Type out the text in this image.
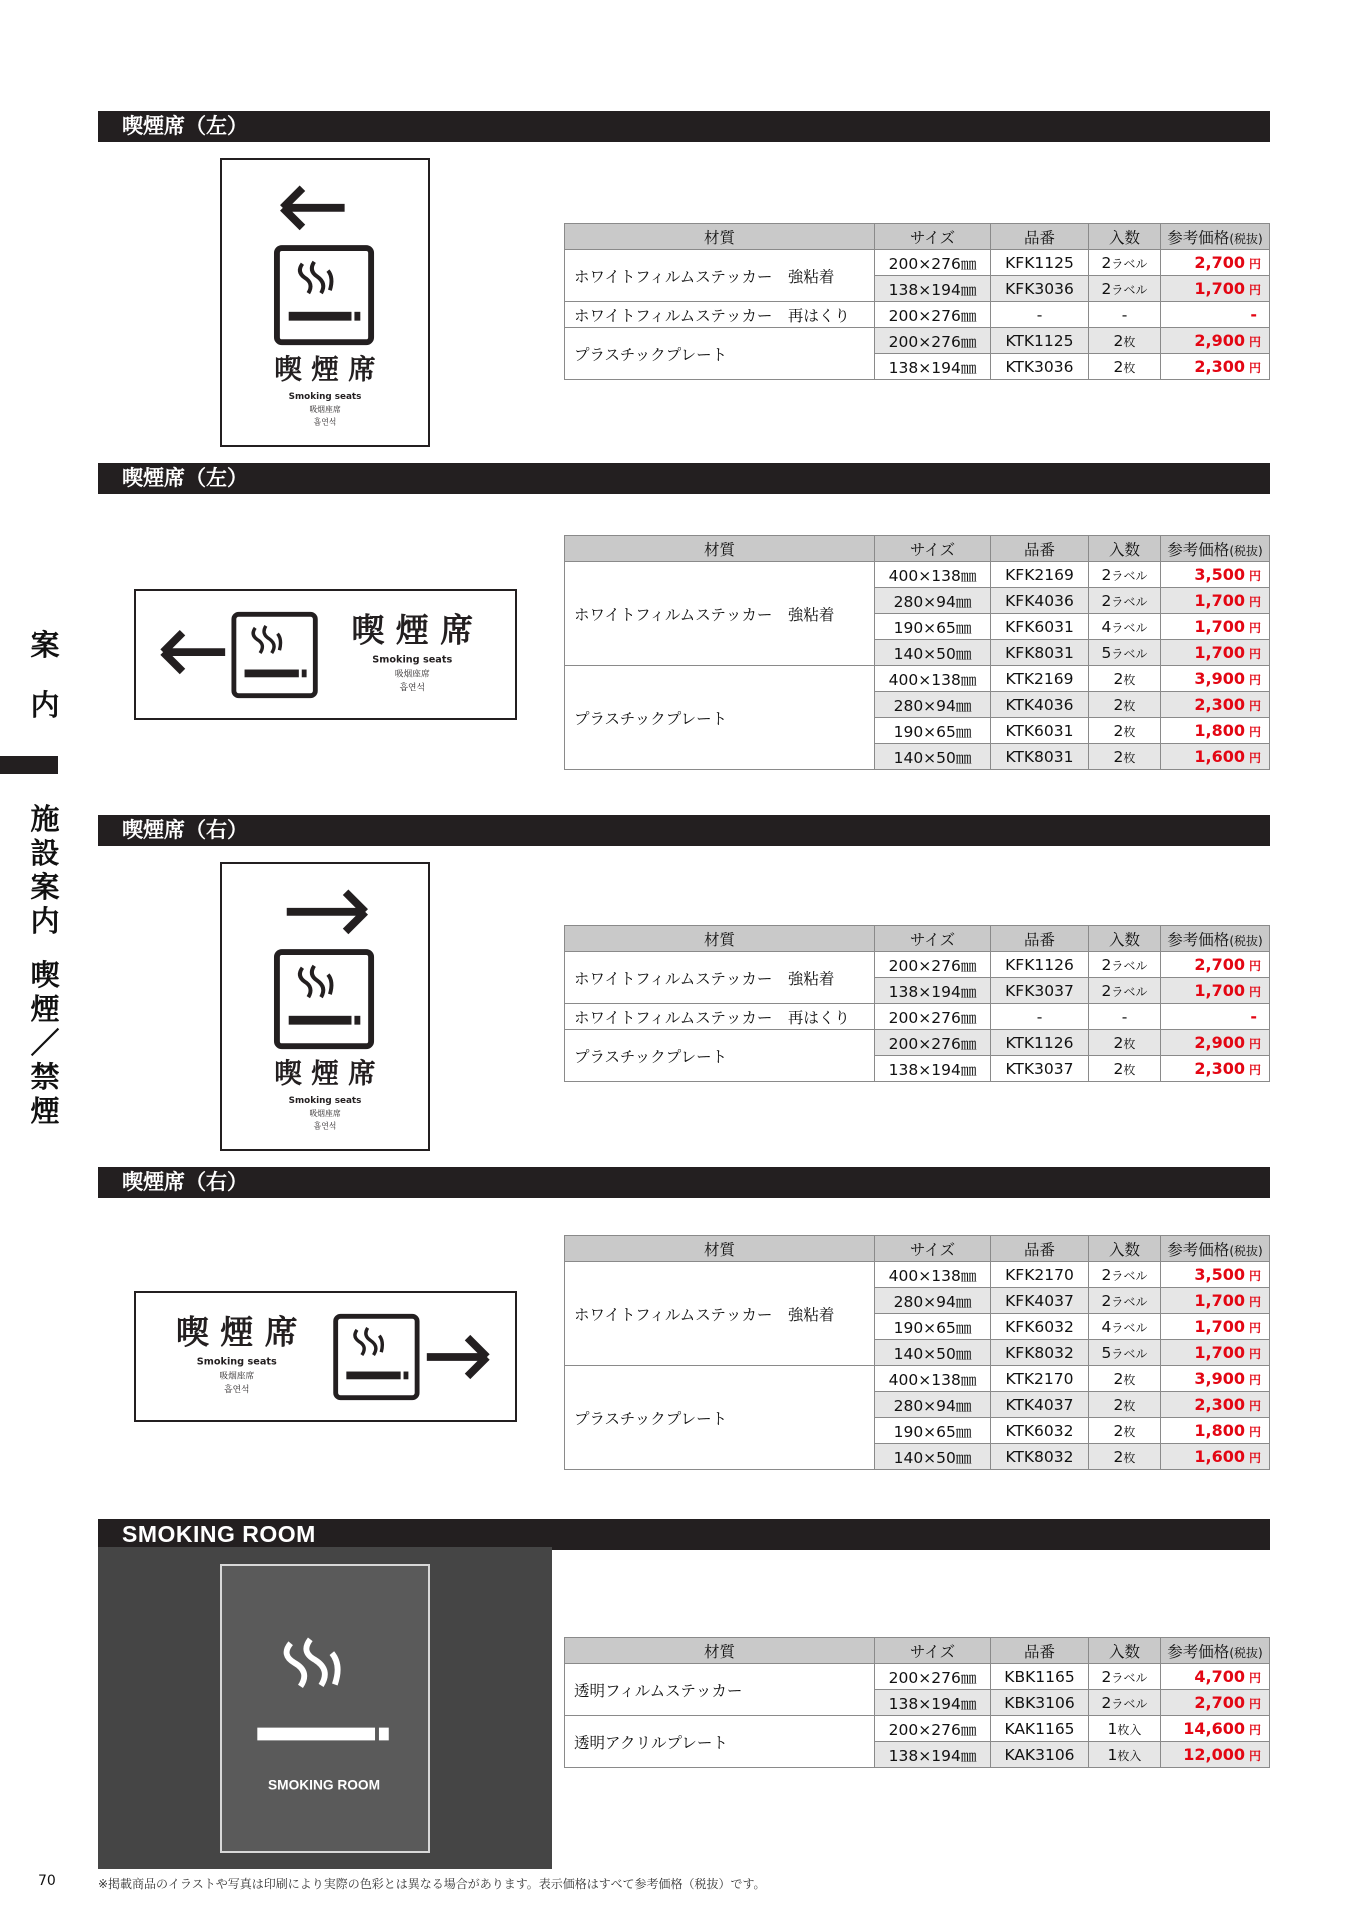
案
内
施
設
案
内
喫
煙
／
禁
煙
喫煙席（左）
喫煙席（左）
喫煙席（右）
喫煙席（右）
SMOKING ROOM
喫 煙 席
Smoking seats
吸烟座席
흡연석
喫 煙 席
Smoking seats
吸烟座席
흡연석
喫 煙 席
Smoking seats
吸烟座席
흡연석
喫 煙 席
Smoking seats
吸烟座席
흡연석
SMOKING ROOM
材質	サイズ	品番	入数	参考価格(税抜)
ホワイトフィルムステッカー　強粘着	200×276㎜	KFK1125	2ラベル	2,700 円
	138×194㎜	KFK3036	2ラベル	1,700 円
ホワイトフィルムステッカー　再はくり	200×276㎜	-	-	-
プラスチックプレート	200×276㎜	KTK1125	2枚	2,900 円
	138×194㎜	KTK3036	2枚	2,300 円
材質	サイズ	品番	入数	参考価格(税抜)
ホワイトフィルムステッカー　強粘着	400×138㎜	KFK2169	2ラベル	3,500 円
	280×94㎜	KFK4036	2ラベル	1,700 円
	190×65㎜	KFK6031	4ラベル	1,700 円
	140×50㎜	KFK8031	5ラベル	1,700 円
プラスチックプレート	400×138㎜	KTK2169	2枚	3,900 円
	280×94㎜	KTK4036	2枚	2,300 円
	190×65㎜	KTK6031	2枚	1,800 円
	140×50㎜	KTK8031	2枚	1,600 円
材質	サイズ	品番	入数	参考価格(税抜)
ホワイトフィルムステッカー　強粘着	200×276㎜	KFK1126	2ラベル	2,700 円
	138×194㎜	KFK3037	2ラベル	1,700 円
ホワイトフィルムステッカー　再はくり	200×276㎜	-	-	-
プラスチックプレート	200×276㎜	KTK1126	2枚	2,900 円
	138×194㎜	KTK3037	2枚	2,300 円
材質	サイズ	品番	入数	参考価格(税抜)
ホワイトフィルムステッカー　強粘着	400×138㎜	KFK2170	2ラベル	3,500 円
	280×94㎜	KFK4037	2ラベル	1,700 円
	190×65㎜	KFK6032	4ラベル	1,700 円
	140×50㎜	KFK8032	5ラベル	1,700 円
プラスチックプレート	400×138㎜	KTK2170	2枚	3,900 円
	280×94㎜	KTK4037	2枚	2,300 円
	190×65㎜	KTK6032	2枚	1,800 円
	140×50㎜	KTK8032	2枚	1,600 円
材質	サイズ	品番	入数	参考価格(税抜)
透明フィルムステッカー	200×276㎜	KBK1165	2ラベル	4,700 円
	138×194㎜	KBK3106	2ラベル	2,700 円
透明アクリルプレート	200×276㎜	KAK1165	1枚入	14,600 円
	138×194㎜	KAK3106	1枚入	12,000 円
70	※掲載商品のイラストや写真は印刷により実際の色彩とは異なる場合があります。表示価格はすべて参考価格（税抜）です。
